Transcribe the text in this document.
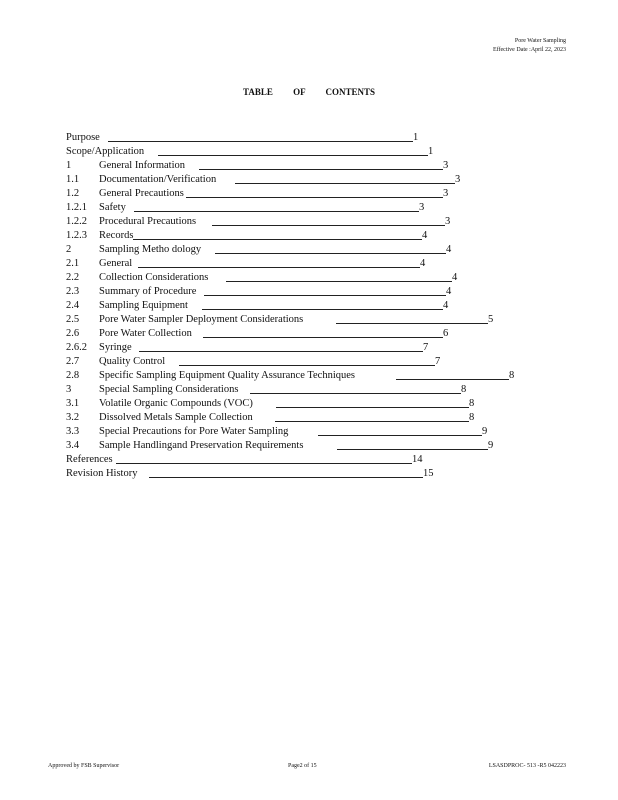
Pore Water Sampling
Effective Date :April 22, 2023
TABLE OF CONTENTS
Purpose	1
Scope/Application	1
1	General Information	3
1.1 Documentation/Verification	3
1.2 General Precautions	3
1.2.1 Safety	3
1.2.2 Procedural Precautions	3
1.2.3 Records	4
2	Sampling Metho dology	4
2.1 General	4
2.2 Collection Considerations	4
2.3 Summary of Procedure	4
2.4 Sampling Equipment	4
2.5 Pore Water Sampler Deployment Considerations	5
2.6 Pore Water Collection	6
2.6.2 Syringe	7
2.7 Quality Control	7
2.8 Specific Sampling Equipment Quality Assurance Techniques	8
3	Special Sampling Considerations	8
3.1 Volatile Organic Compounds (VOC)	8
3.2 Dissolved Metals Sample Collection	8
3.3 Special Precautions for Pore Water Sampling	9
3.4 Sample Handlingand Preservation Requirements	9
References	14
Revision History	15
Approved by FSB Supervisor	Page2 of 15	LSASDPROC- 513 -R5 042223
